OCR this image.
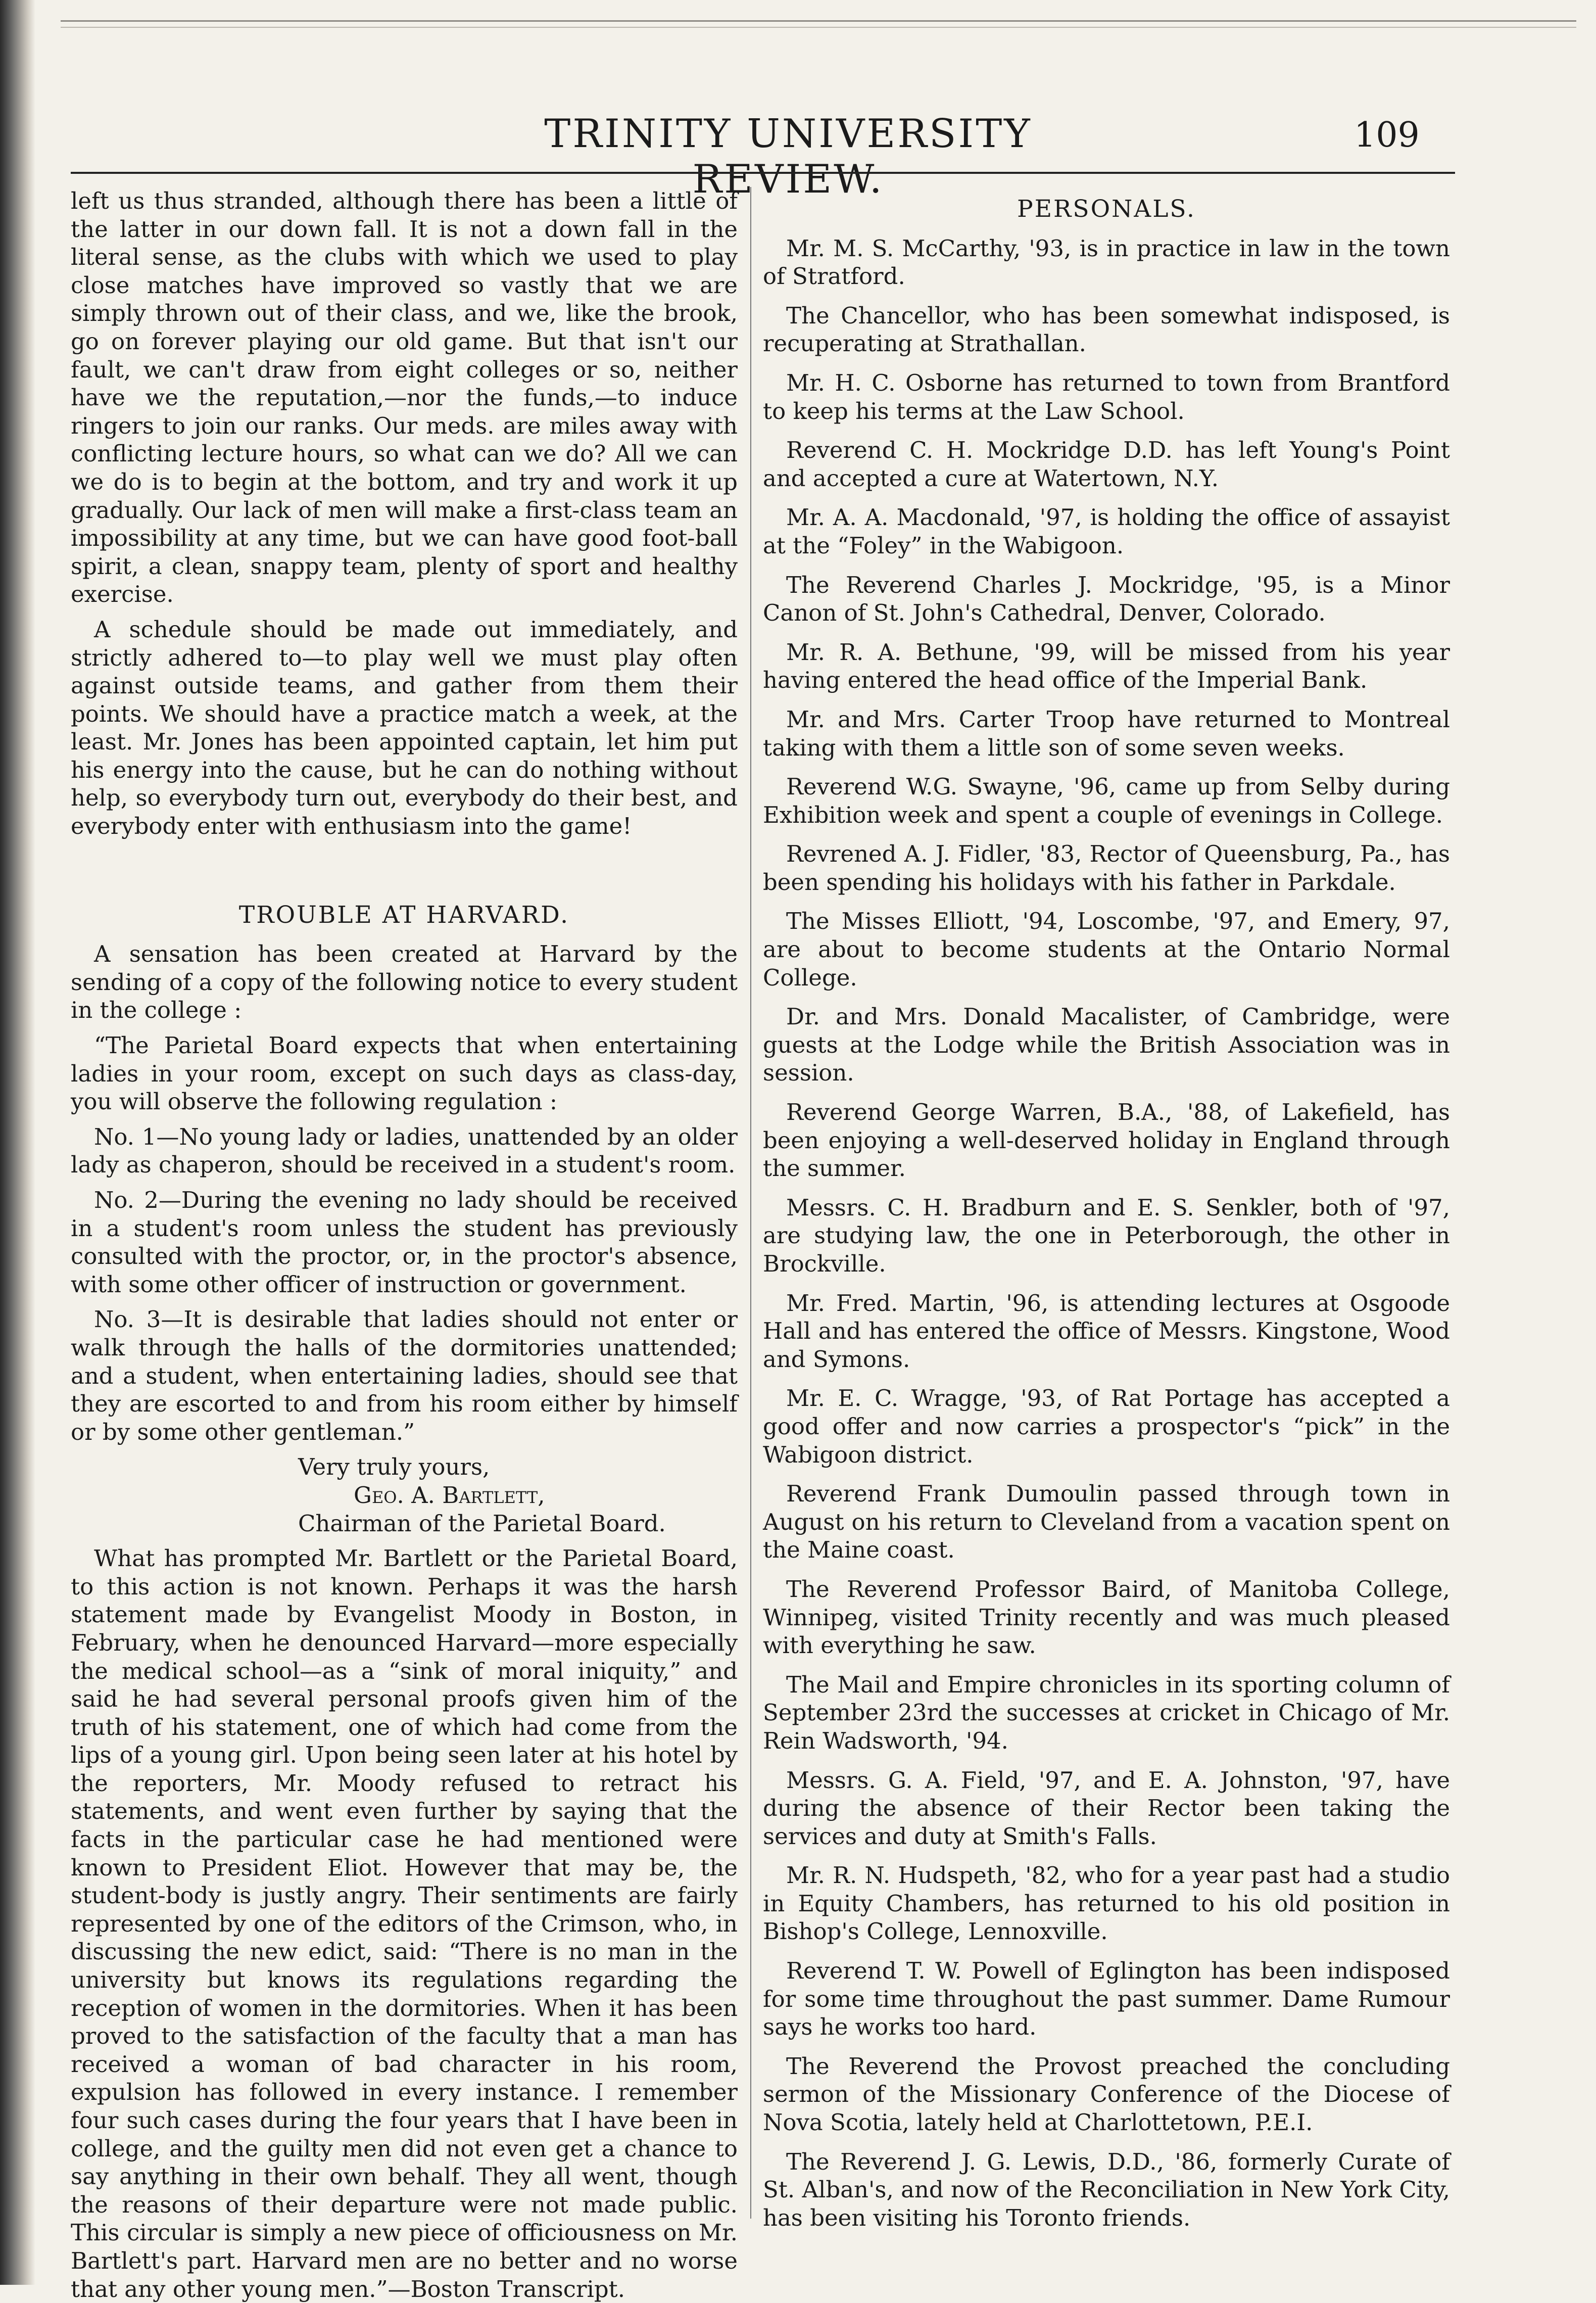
TRINITY UNIVERSITY REVIEW.
109

left us thus stranded, although there has been a little of the latter in our down fall. It is not a down fall in the literal sense, as the clubs with which we used to play close matches have improved so vastly that we are simply thrown out of their class, and we, like the brook, go on forever playing our old game. But that isn't our fault, we can't draw from eight colleges or so, neither have we the reputation,—nor the funds,—to induce ringers to join our ranks. Our meds. are miles away with conflicting lecture hours, so what can we do? All we can we do is to begin at the bottom, and try and work it up gradually. Our lack of men will make a first-class team an impossibility at any time, but we can have good foot-ball spirit, a clean, snappy team, plenty of sport and healthy exercise.

A schedule should be made out immediately, and strictly adhered to—to play well we must play often against outside teams, and gather from them their points. We should have a practice match a week, at the least. Mr. Jones has been appointed captain, let him put his energy into the cause, but he can do nothing without help, so everybody turn out, everybody do their best, and everybody enter with enthusiasm into the game!

TROUBLE AT HARVARD.

A sensation has been created at Harvard by the sending of a copy of the following notice to every student in the college :

“The Parietal Board expects that when entertaining ladies in your room, except on such days as class-day, you will observe the following regulation :

No. 1—No young lady or ladies, unattended by an older lady as chaperon, should be received in a student's room.

No. 2—During the evening no lady should be received in a student's room unless the student has previously consulted with the proctor, or, in the proctor's absence, with some other officer of instruction or government.

No. 3—It is desirable that ladies should not enter or walk through the halls of the dormitories unattended; and a student, when entertaining ladies, should see that they are escorted to and from his room either by himself or by some other gentleman.”

Very truly yours,

Geo. A. Bartlett,

Chairman of the Parietal Board.

What has prompted Mr. Bartlett or the Parietal Board, to this action is not known. Perhaps it was the harsh statement made by Evangelist Moody in Boston, in February, when he denounced Harvard—more especially the medical school—as a “sink of moral iniquity,” and said he had several personal proofs given him of the truth of his statement, one of which had come from the lips of a young girl. Upon being seen later at his hotel by the reporters, Mr. Moody refused to retract his statements, and went even further by saying that the facts in the particular case he had mentioned were known to President Eliot. However that may be, the student-body is justly angry. Their sentiments are fairly represented by one of the editors of the Crimson, who, in discussing the new edict, said: “There is no man in the university but knows its regulations regarding the reception of women in the dormitories. When it has been proved to the satisfaction of the faculty that a man has received a woman of bad character in his room, expulsion has followed in every instance. I remember four such cases during the four years that I have been in college, and the guilty men did not even get a chance to say anything in their own behalf. They all went, though the reasons of their departure were not made public. This circular is simply a new piece of officiousness on Mr. Bartlett's part. Harvard men are no better and no worse that any other young men.”—Boston Transcript.

PERSONALS.

Mr. M. S. McCarthy, '93, is in practice in law in the town of Stratford.

The Chancellor, who has been somewhat indisposed, is recuperating at Strathallan.

Mr. H. C. Osborne has returned to town from Brantford to keep his terms at the Law School.

Reverend C. H. Mockridge D.D. has left Young's Point and accepted a cure at Watertown, N.Y.

Mr. A. A. Macdonald, '97, is holding the office of assayist at the “Foley” in the Wabigoon.

The Reverend Charles J. Mockridge, '95, is a Minor Canon of St. John's Cathedral, Denver, Colorado.

Mr. R. A. Bethune, '99, will be missed from his year having entered the head office of the Imperial Bank.

Mr. and Mrs. Carter Troop have returned to Montreal taking with them a little son of some seven weeks.

Reverend W.G. Swayne, '96, came up from Selby during Exhibition week and spent a couple of evenings in College.

Revrened A. J. Fidler, '83, Rector of Queensburg, Pa., has been spending his holidays with his father in Parkdale.

The Misses Elliott, '94, Loscombe, '97, and Emery, 97, are about to become students at the Ontario Normal College.

Dr. and Mrs. Donald Macalister, of Cambridge, were guests at the Lodge while the British Association was in session.

Reverend George Warren, B.A., '88, of Lakefield, has been enjoying a well-deserved holiday in England through the summer.

Messrs. C. H. Bradburn and E. S. Senkler, both of '97, are studying law, the one in Peterborough, the other in Brockville.

Mr. Fred. Martin, '96, is attending lectures at Osgoode Hall and has entered the office of Messrs. Kingstone, Wood and Symons.

Mr. E. C. Wragge, '93, of Rat Portage has accepted a good offer and now carries a prospector's “pick” in the Wabigoon district.

Reverend Frank Dumoulin passed through town in August on his return to Cleveland from a vacation spent on the Maine coast.

The Reverend Professor Baird, of Manitoba College, Winnipeg, visited Trinity recently and was much pleased with everything he saw.

The Mail and Empire chronicles in its sporting column of September 23rd the successes at cricket in Chicago of Mr. Rein Wadsworth, '94.

Messrs. G. A. Field, '97, and E. A. Johnston, '97, have during the absence of their Rector been taking the services and duty at Smith's Falls.

Mr. R. N. Hudspeth, '82, who for a year past had a studio in Equity Chambers, has returned to his old position in Bishop's College, Lennoxville.

Reverend T. W. Powell of Eglington has been indisposed for some time throughout the past summer. Dame Rumour says he works too hard.

The Reverend the Provost preached the concluding sermon of the Missionary Conference of the Diocese of Nova Scotia, lately held at Charlottetown, P.E.I.

The Reverend J. G. Lewis, D.D., '86, formerly Curate of St. Alban's, and now of the Reconciliation in New York City, has been visiting his Toronto friends.
